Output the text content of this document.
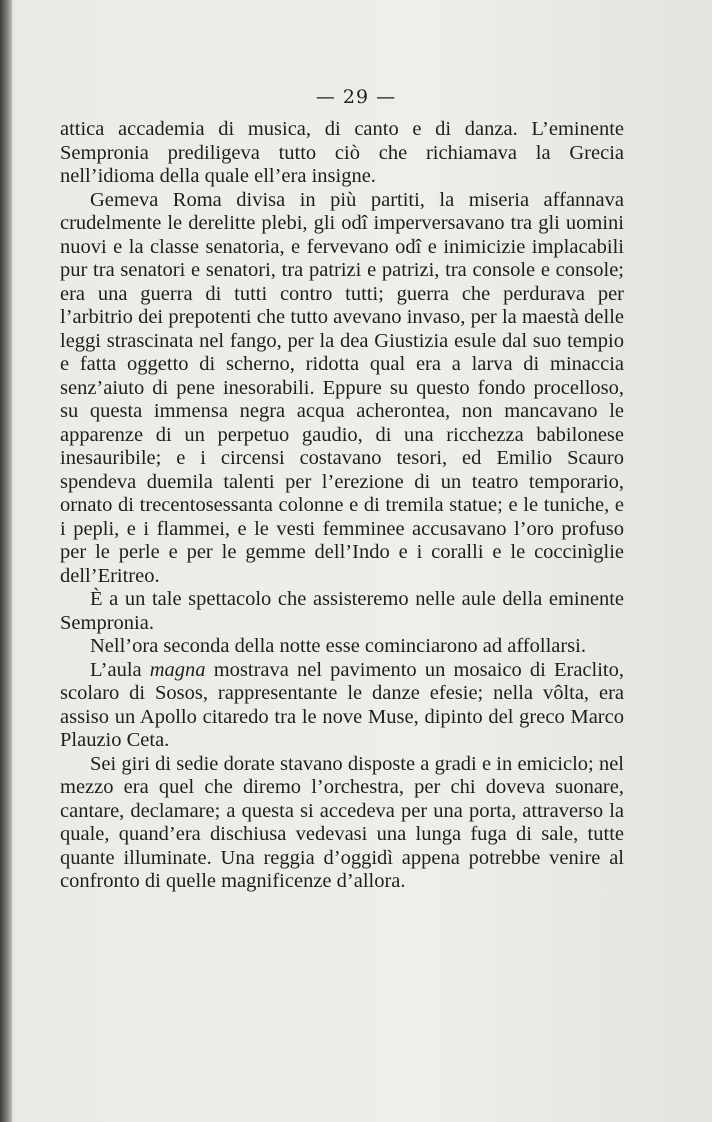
— 29 —

attica accademia di musica, di canto e di danza. L’eminente Sempronia prediligeva tutto ciò che richiamava la Grecia nell’idioma della quale ell’era insigne.

Gemeva Roma divisa in più partiti, la miseria affannava crudelmente le derelitte plebi, gli odî imperversavano tra gli uomini nuovi e la classe senatoria, e fervevano odî e inimicizie implacabili pur tra senatori e senatori, tra patrizi e patrizi, tra console e console; era una guerra di tutti contro tutti; guerra che perdurava per l’arbitrio dei prepotenti che tutto avevano invaso, per la maestà delle leggi strascinata nel fango, per la dea Giustizia esule dal suo tempio e fatta oggetto di scherno, ridotta qual era a larva di minaccia senz’aiuto di pene inesorabili. Eppure su questo fondo procelloso, su questa immensa negra acqua acherontea, non mancavano le apparenze di un perpetuo gaudio, di una ricchezza babilonese inesauribile; e i circensi costavano tesori, ed Emilio Scauro spendeva duemila talenti per l’erezione di un teatro temporario, ornato di trecentosessanta colonne e di tremila statue; e le tuniche, e i pepli, e i flammei, e le vesti femminee accusavano l’oro profuso per le perle e per le gemme dell’Indo e i coralli e le coccinìglie dell’Eritreo.

È a un tale spettacolo che assisteremo nelle aule della eminente Sempronia.

Nell’ora seconda della notte esse cominciarono ad affollarsi.

L’aula magna mostrava nel pavimento un mosaico di Eraclito, scolaro di Sosos, rappresentante le danze efesie; nella vôlta, era assiso un Apollo citaredo tra le nove Muse, dipinto del greco Marco Plauzio Ceta.

Sei giri di sedie dorate stavano disposte a gradi e in emiciclo; nel mezzo era quel che diremo l’orchestra, per chi doveva suonare, cantare, declamare; a questa si accedeva per una porta, attraverso la quale, quand’era dischiusa vedevasi una lunga fuga di sale, tutte quante illuminate. Una reggia d’oggidì appena potrebbe venire al confronto di quelle magnificenze d’allora.
